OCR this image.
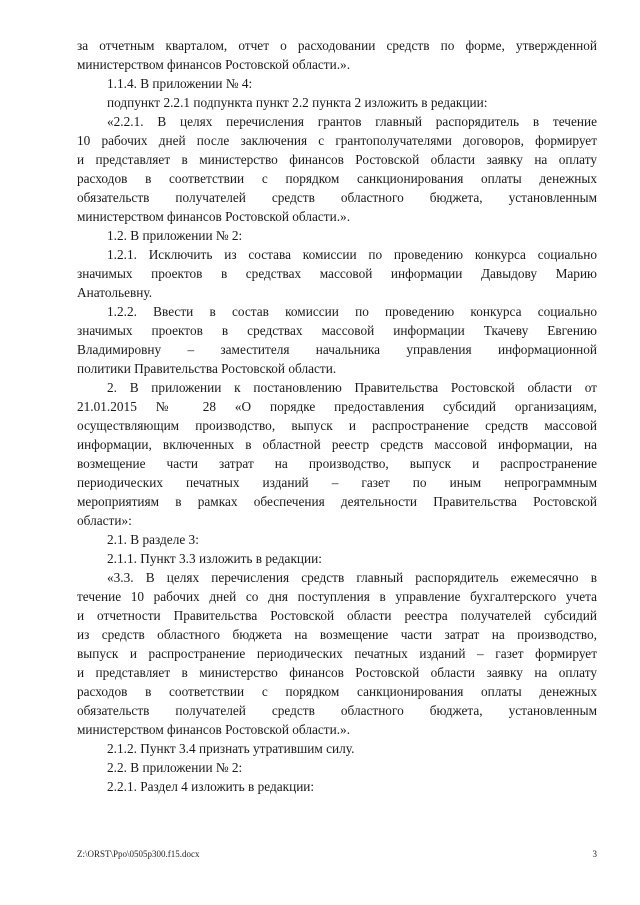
за отчетным кварталом, отчет о расходовании средств по форме, утвержденной
министерством финансов Ростовской области.».
1.1.4. В приложении № 4:
подпункт 2.2.1 подпункта пункт 2.2 пункта 2 изложить в редакции:
«2.2.1. В целях перечисления грантов главный распорядитель в течение
10 рабочих дней после заключения с грантополучателями договоров, формирует
и представляет в министерство финансов Ростовской области заявку на оплату
расходов в соответствии с порядком санкционирования оплаты денежных
обязательств получателей средств областного бюджета, установленным
министерством финансов Ростовской области.».
1.2. В приложении № 2:
1.2.1. Исключить из состава комиссии по проведению конкурса социально
значимых проектов в средствах массовой информации Давыдову Марию
Анатольевну.
1.2.2. Ввести в состав комиссии по проведению конкурса социально
значимых проектов в средствах массовой информации Ткачеву Евгению
Владимировну – заместителя начальника управления информационной
политики Правительства Ростовской области.
2. В приложении к постановлению Правительства Ростовской области от
21.01.2015 № 28 «О порядке предоставления субсидий организациям,
осуществляющим производство, выпуск и распространение средств массовой
информации, включенных в областной реестр средств массовой информации, на
возмещение части затрат на производство, выпуск и распространение
периодических печатных изданий – газет по иным непрограммным
мероприятиям в рамках обеспечения деятельности Правительства Ростовской
области»:
2.1. В разделе 3:
2.1.1. Пункт 3.3 изложить в редакции:
«3.3. В целях перечисления средств главный распорядитель ежемесячно в
течение 10 рабочих дней со дня поступления в управление бухгалтерского учета
и отчетности Правительства Ростовской области реестра получателей субсидий
из средств областного бюджета на возмещение части затрат на производство,
выпуск и распространение периодических печатных изданий – газет формирует
и представляет в министерство финансов Ростовской области заявку на оплату
расходов в соответствии с порядком санкционирования оплаты денежных
обязательств получателей средств областного бюджета, установленным
министерством финансов Ростовской области.».
2.1.2. Пункт 3.4 признать утратившим силу.
2.2. В приложении № 2:
2.2.1. Раздел 4 изложить в редакции:
Z:\ORST\Ppo\0505p300.f15.docx	3
